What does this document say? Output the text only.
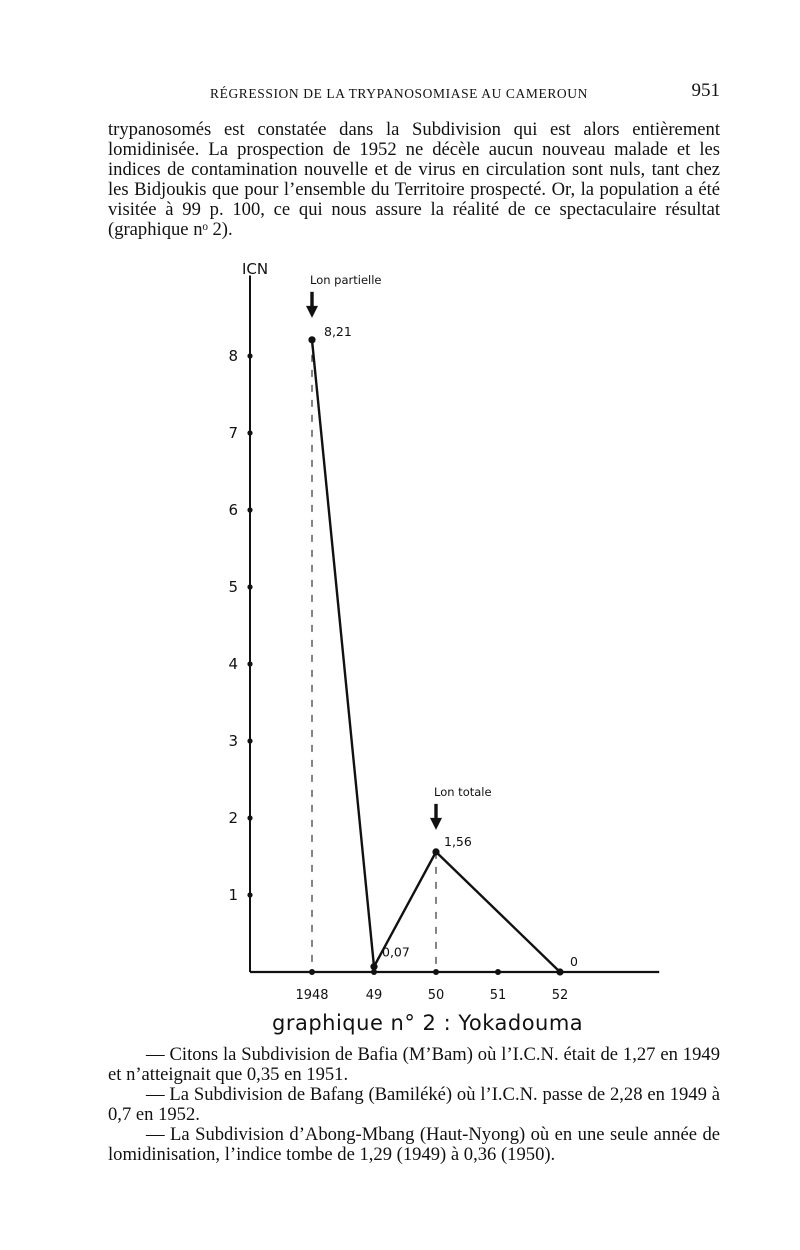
RÉGRESSION DE LA TRYPANOSOMIASE AU CAMEROUN	951

trypanosomés est constatée dans la Subdivision qui est alors entièrement lomidinisée. La prospection de 1952 ne décèle aucun nouveau malade et les indices de contamination nouvelle et de virus en circulation sont nuls, tant chez les Bidjoukis que pour l’ensemble du Territoire prospecté. Or, la population a été visitée à 99 p. 100, ce qui nous assure la réalité de ce spectaculaire résultat (graphique nᵒ 2).

8,21
0,07
1,56
0
1
2
3
4
5
6
7
8
1948	49	50	51	52
Lon partielle
Lon totale
ICN
graphique n° 2 : Yokadouma

— Citons la Subdivision de Bafia (M’Bam) où l’I.C.N. était de 1,27 en 1949 et n’atteignait que 0,35 en 1951.

— La Subdivision de Bafang (Bamiléké) où l’I.C.N. passe de 2,28 en 1949 à 0,7 en 1952.

— La Subdivision d’Abong-Mbang (Haut-Nyong) où en une seule année de lomidinisation, l’indice tombe de 1,29 (1949) à 0,36 (1950).
